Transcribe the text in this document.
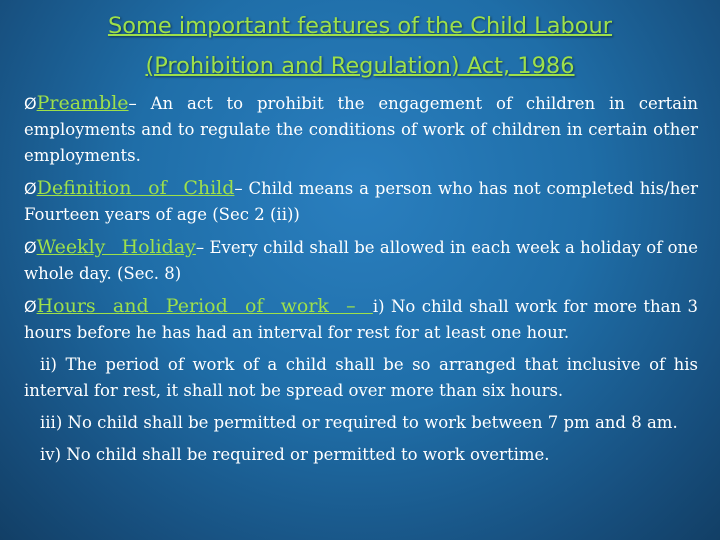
Some important features of the Child Labour
(Prohibition and Regulation) Act, 1986

ØPreamble– An act to prohibit the engagement of children in certain employments and to regulate the conditions of work of children in certain other employments.

ØDefinition of Child– Child means a person who has not completed his/her Fourteen years of age (Sec 2 (ii))

ØWeekly Holiday– Every child shall be allowed in each week a holiday of one whole day. (Sec. 8)

ØHours and Period of work – i) No child shall work for more than 3 hours before he has had an interval for rest for at least one hour.

ii) The period of work of a child shall be so arranged that inclusive of his interval for rest, it shall not be spread over more than six hours.

iii) No child shall be permitted or required to work between 7 pm and 8 am.

iv) No child shall be required or permitted to work overtime.
